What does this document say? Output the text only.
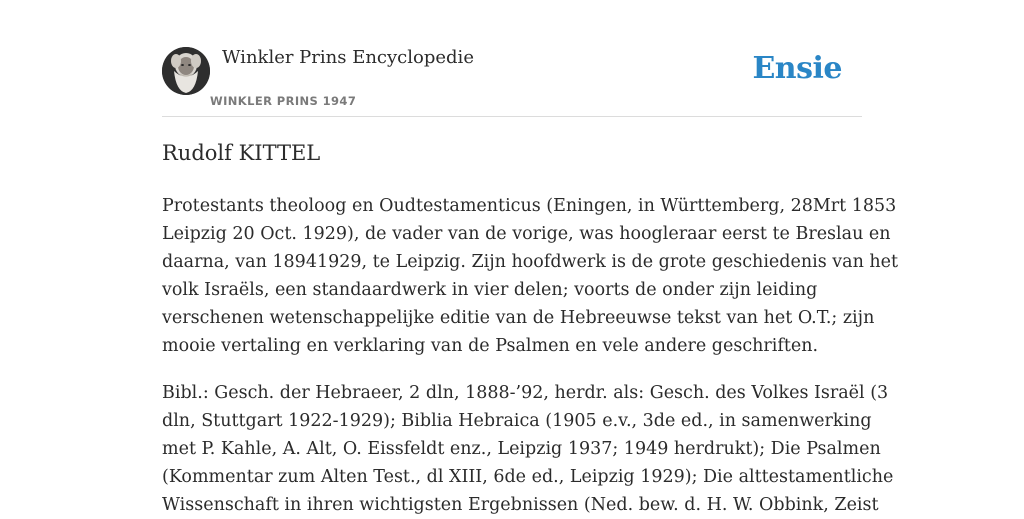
Winkler Prins Encyclopedie
WINKLER PRINS 1947
Ensie
Rudolf KITTEL

Protestants theoloog en Oudtestamenticus (Eningen, in Württemberg, 28Mrt 1853
Leipzig 20 Oct. 1929), de vader van de vorige, was hoogleraar eerst te Breslau en
daarna, van 18941929, te Leipzig. Zijn hoofdwerk is de grote geschiedenis van het
volk Israëls, een standaardwerk in vier delen; voorts de onder zijn leiding
verschenen wetenschappelijke editie van de Hebreeuwse tekst van het O.T.; zijn
mooie vertaling en verklaring van de Psalmen en vele andere geschriften.

Bibl.: Gesch. der Hebraeer, 2 dln, 1888-’92, herdr. als: Gesch. des Volkes Israël (3
dln, Stuttgart 1922-1929); Biblia Hebraica (1905 e.v., 3de ed., in samenwerking
met P. Kahle, A. Alt, O. Eissfeldt enz., Leipzig 1937; 1949 herdrukt); Die Psalmen
(Kommentar zum Alten Test., dl XIII, 6de ed., Leipzig 1929); Die alttestamentliche
Wissenschaft in ihren wichtigsten Ergebnissen (Ned. bew. d. H. W. Obbink, Zeist
